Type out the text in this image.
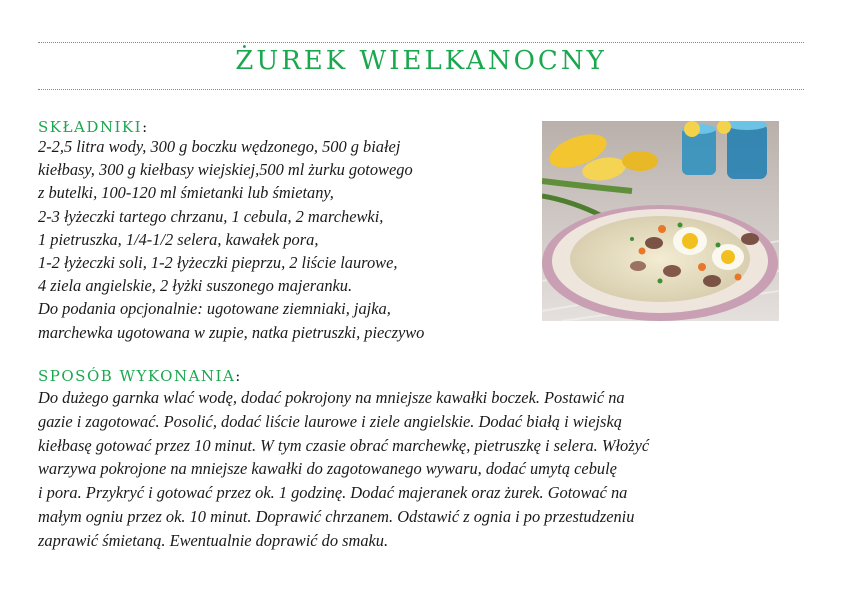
ŻUREK WIELKANOCNY
SKŁADNIKI:
2-2,5 litra wody, 300 g boczku wędzonego, 500 g białej
kiełbasy, 300 g kiełbasy wiejskiej,500 ml żurku gotowego
z butelki, 100-120 ml śmietanki lub śmietany,
2-3 łyżeczki tartego chrzanu, 1 cebula, 2 marchewki,
1 pietruszka, 1/4-1/2 selera, kawałek pora,
1-2 łyżeczki soli, 1-2 łyżeczki pieprzu, 2 liście laurowe,
4 ziela angielskie, 2 łyżki suszonego majeranku.
Do podania opcjonalnie: ugotowane ziemniaki, jajka,
marchewka ugotowana w zupie, natka pietruszki, pieczywo
SPOSÓB WYKONANIA:
Do dużego garnka wlać wodę, dodać pokrojony na mniejsze kawałki boczek. Postawić na
gazie i zagotować. Posolić, dodać liście laurowe i ziele angielskie. Dodać białą i wiejską
kiełbasę gotować przez 10 minut. W tym czasie obrać marchewkę, pietruszkę i selera. Włożyć
warzywa pokrojone na mniejsze kawałki do zagotowanego wywaru, dodać umytą cebulę
i pora. Przykryć i gotować przez ok. 1 godzinę. Dodać majeranek oraz żurek. Gotować na
małym ogniu przez ok. 10 minut. Doprawić chrzanem. Odstawić z ognia i po przestudzeniu
zaprawić śmietaną. Ewentualnie doprawić do smaku.
